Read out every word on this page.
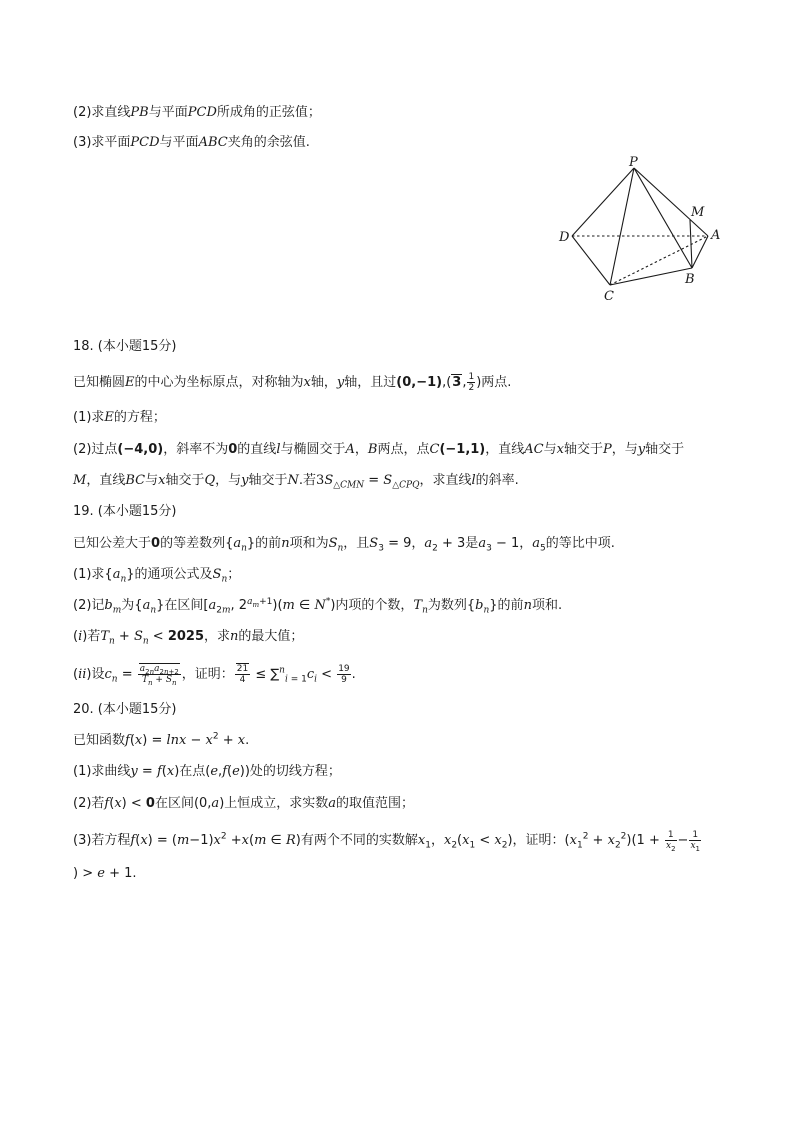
(2)求直线PB与平面PCD所成角的正弦值；
(3)求平面PCD与平面ABC夹角的余弦值.
P
M
A
D
B
C
18. (本小题15分)
已知椭圆E的中心为坐标原点，对称轴为x轴，y轴，且过(0,−1),(3, $\frac{1}{2}$ )两点.
(1)求E的方程；
(2)过点(−4,0)，斜率不为0的直线l与椭圆交于A，B两点，点C(−1,1)，直线AC与x轴交于P，与y轴交于
M，直线BC与x轴交于Q，与y轴交于N.若$3S_{\triangle CMN} = S_{\triangle CPQ}$，求直线l的斜率.
19. (本小题15分)
已知公差大于0的等差数列$\{a_n\}$的前n项和为$S_n$，且$S_3 = 9$，$a_2 + 3$是$a_3 - 1$，$a_5$的等比中项.
(1)求$\{a_n\}$的通项公式及$S_n$；
(2)记$b_m$为$\{a_n\}$在区间[$a_{2m}$, $2^{a_m+1})(m$ ∈ N*)内项的个数，$T_n$为数列$\{b_n\}$的前n项和.
(i)若$T_n + S_n < 2025$，求n的最大值；
(ii)设$c_n = \frac{a_{2n}a_{2n+2}}{T_n + S_n}$ ，证明： $\frac{21}{4} \le \sum^n_{i = 1}c_i < \frac{19}{9}$ .
20. (本小题15分)
已知函数$f(x) = \ln x - x^2 + x$.
(1)求曲线y = f(x)在点(e,f(e))处的切线方程；
(2)若f(x) < 0在区间(0,a)上恒成立，求实数a的取值范围；
(3)若方程$f(x) = (m-1)x^2 +x(m$ ∈ R)有两个不同的实数解$x_1$，$x_2(x_1 < x_2)$，证明：$(x_1^2 + x_2^2)(1 + \frac{1}{x_2} - \frac{1}{x_1}$
) > e + 1.
